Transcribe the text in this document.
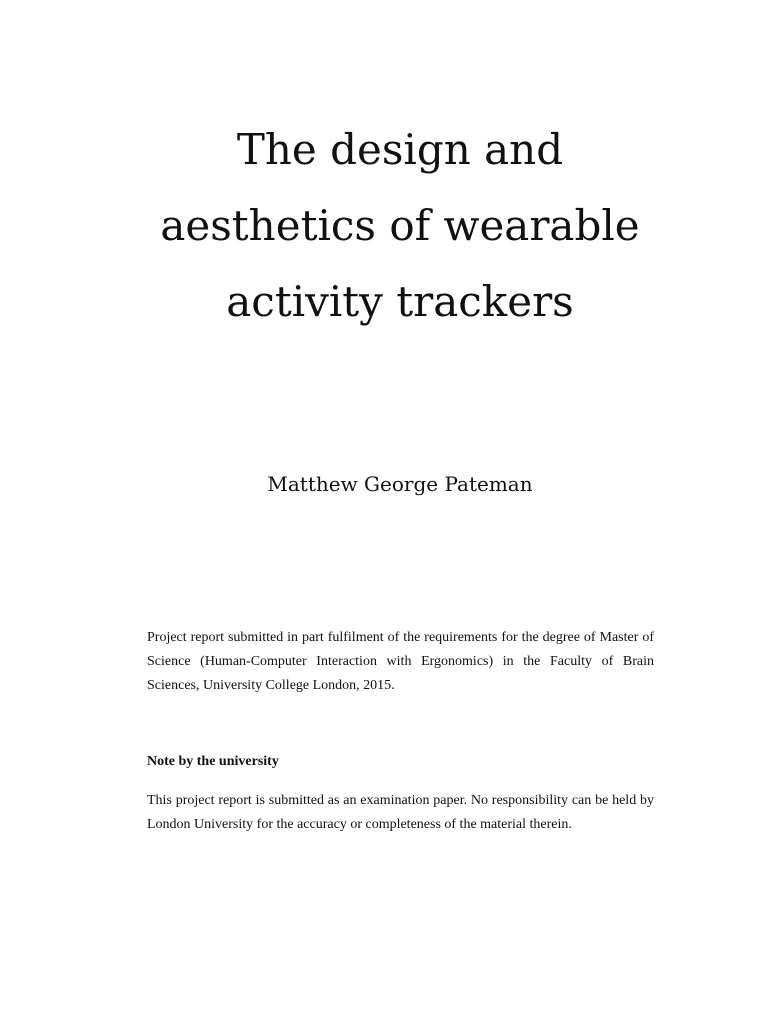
The design and
aesthetics of wearable
activity trackers
Matthew George Pateman

Project report submitted in part fulfilment of the requirements for the degree of Master of Science (Human-Computer Interaction with Ergonomics) in the Faculty of Brain Sciences, University College London, 2015.

Note by the university

This project report is submitted as an examination paper. No responsibility can be held by London University for the accuracy or completeness of the material therein.
